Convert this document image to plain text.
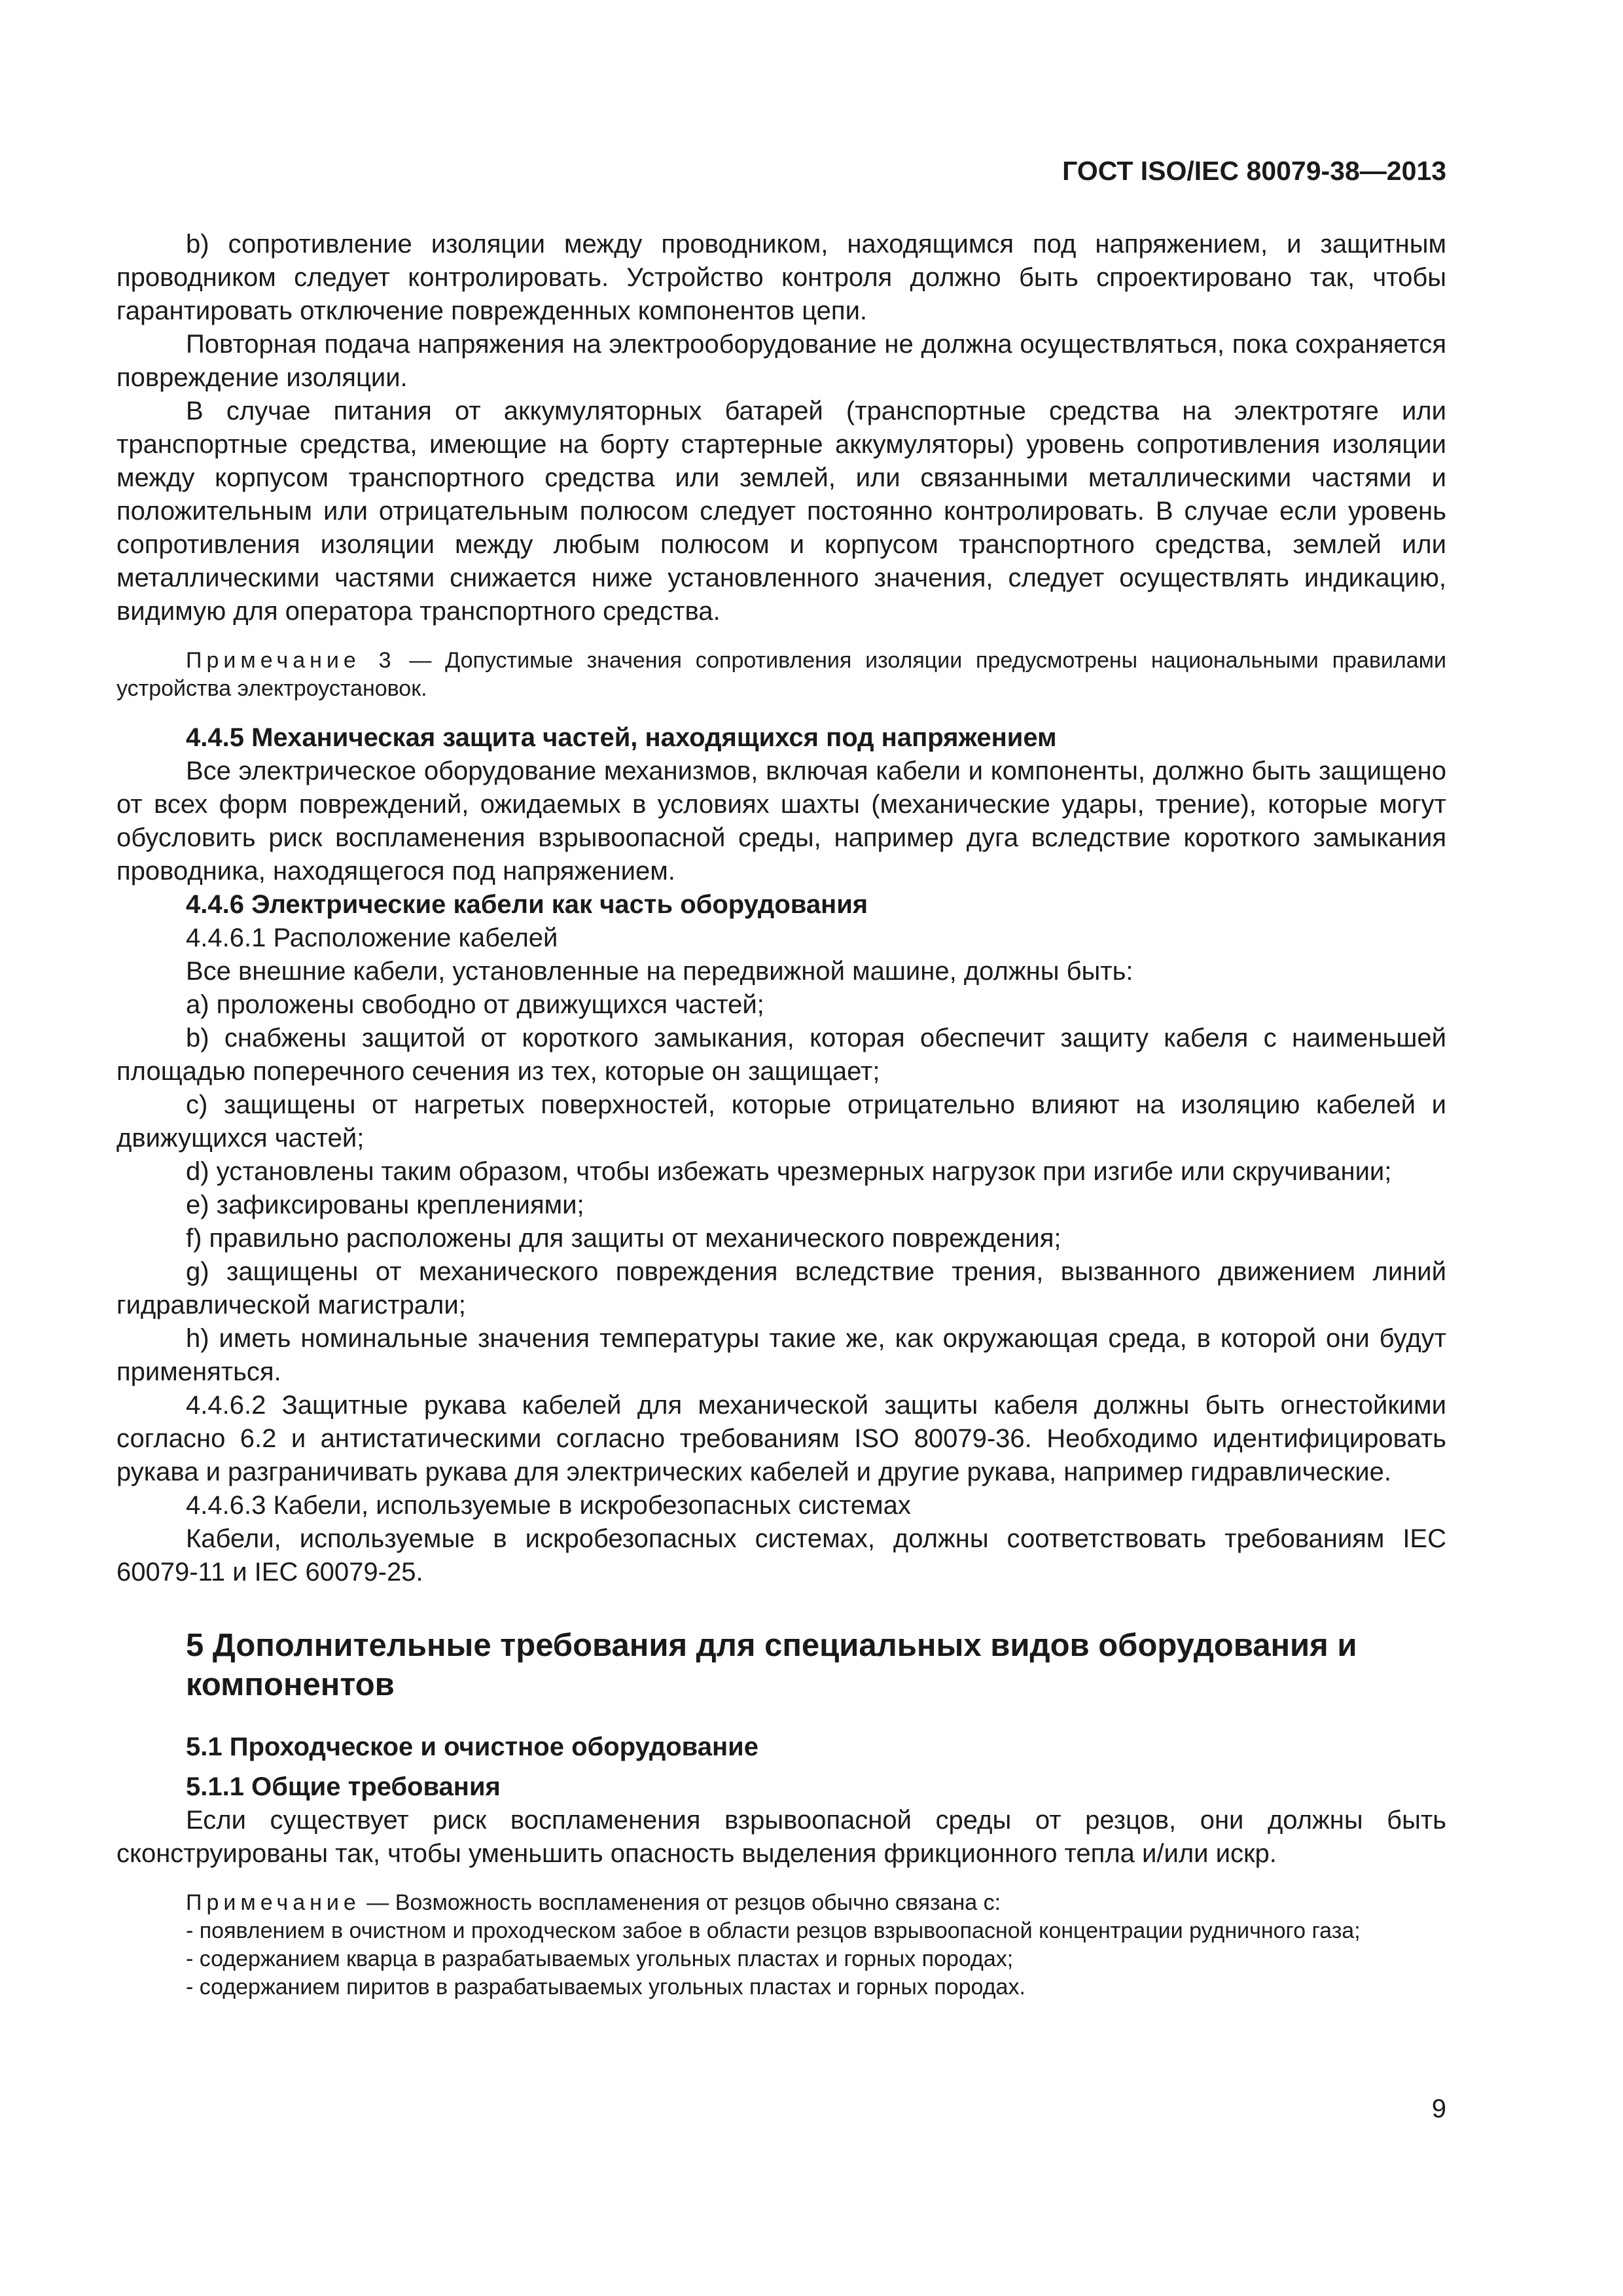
ГОСТ ISO/IEC 80079-38—2013

b) сопротивление изоляции между проводником, находящимся под напряжением, и защитным проводником следует контролировать. Устройство контроля должно быть спроектировано так, чтобы гарантировать отключение поврежденных компонентов цепи.

Повторная подача напряжения на электрооборудование не должна осуществляться, пока сохраняется повреждение изоляции.

В случае питания от аккумуляторных батарей (транспортные средства на электротяге или транспортные средства, имеющие на борту стартерные аккумуляторы) уровень сопротивления изоляции между корпусом транспортного средства или землей, или связанными металлическими частями и положительным или отрицательным полюсом следует постоянно контролировать. В случае если уровень сопротивления изоляции между любым полюсом и корпусом транспортного средства, землей или металлическими частями снижается ниже установленного значения, следует осуществлять индикацию, видимую для оператора транспортного средства.

Примечание 3 — Допустимые значения сопротивления изоляции предусмотрены национальными правилами устройства электроустановок.

4.4.5 Механическая защита частей, находящихся под напряжением

Все электрическое оборудование механизмов, включая кабели и компоненты, должно быть защищено от всех форм повреждений, ожидаемых в условиях шахты (механические удары, трение), которые могут обусловить риск воспламенения взрывоопасной среды, например дуга вследствие короткого замыкания проводника, находящегося под напряжением.

4.4.6 Электрические кабели как часть оборудования

4.4.6.1 Расположение кабелей

Все внешние кабели, установленные на передвижной машине, должны быть:

a) проложены свободно от движущихся частей;

b) снабжены защитой от короткого замыкания, которая обеспечит защиту кабеля с наименьшей площадью поперечного сечения из тех, которые он защищает;

c) защищены от нагретых поверхностей, которые отрицательно влияют на изоляцию кабелей и движущихся частей;

d) установлены таким образом, чтобы избежать чрезмерных нагрузок при изгибе или скручивании;

e) зафиксированы креплениями;

f) правильно расположены для защиты от механического повреждения;

g) защищены от механического повреждения вследствие трения, вызванного движением линий гидравлической магистрали;

h) иметь номинальные значения температуры такие же, как окружающая среда, в которой они будут применяться.

4.4.6.2 Защитные рукава кабелей для механической защиты кабеля должны быть огнестойкими согласно 6.2 и антистатическими согласно требованиям ISO 80079-36. Необходимо идентифицировать рукава и разграничивать рукава для электрических кабелей и другие рукава, например гидравлические.

4.4.6.3 Кабели, используемые в искробезопасных системах

Кабели, используемые в искробезопасных системах, должны соответствовать требованиям IEC 60079-11 и IEC 60079-25.

5 Дополнительные требования для специальных видов оборудования и компонентов
5.1 Проходческое и очистное оборудование
5.1.1 Общие требования

Если существует риск воспламенения взрывоопасной среды от резцов, они должны быть сконструированы так, чтобы уменьшить опасность выделения фрикционного тепла и/или искр.

Примечание — Возможность воспламенения от резцов обычно связана с:

- появлением в очистном и проходческом забое в области резцов взрывоопасной концентрации рудничного газа;

- содержанием кварца в разрабатываемых угольных пластах и горных породах;

- содержанием пиритов в разрабатываемых угольных пластах и горных породах.

9
